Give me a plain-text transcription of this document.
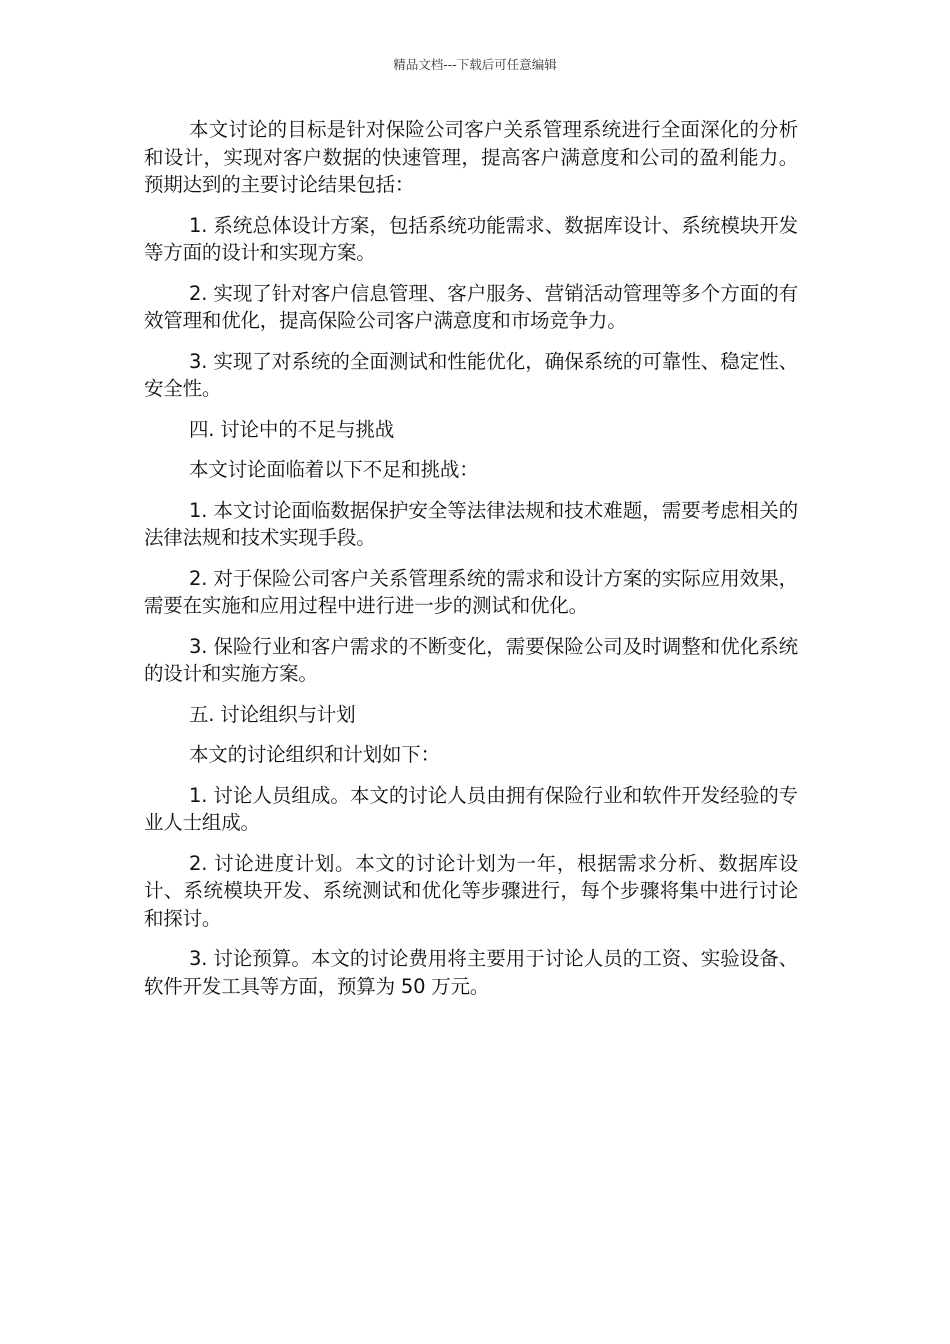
精品文档---下载后可任意编辑

本文讨论的目标是针对保险公司客户关系管理系统进行全面深化的分析和设计，实现对客户数据的快速管理，提高客户满意度和公司的盈利能力。预期达到的主要讨论结果包括：

1. 系统总体设计方案，包括系统功能需求、数据库设计、系统模块开发等方面的设计和实现方案。

2. 实现了针对客户信息管理、客户服务、营销活动管理等多个方面的有效管理和优化，提高保险公司客户满意度和市场竞争力。

3. 实现了对系统的全面测试和性能优化，确保系统的可靠性、稳定性、安全性。

四. 讨论中的不足与挑战

本文讨论面临着以下不足和挑战：

1. 本文讨论面临数据保护安全等法律法规和技术难题，需要考虑相关的法律法规和技术实现手段。

2. 对于保险公司客户关系管理系统的需求和设计方案的实际应用效果，需要在实施和应用过程中进行进一步的测试和优化。

3. 保险行业和客户需求的不断变化，需要保险公司及时调整和优化系统的设计和实施方案。

五. 讨论组织与计划

本文的讨论组织和计划如下：

1. 讨论人员组成。本文的讨论人员由拥有保险行业和软件开发经验的专业人士组成。

2. 讨论进度计划。本文的讨论计划为一年，根据需求分析、数据库设计、系统模块开发、系统测试和优化等步骤进行，每个步骤将集中进行讨论和探讨。

3. 讨论预算。本文的讨论费用将主要用于讨论人员的工资、实验设备、软件开发工具等方面，预算为 50 万元。
